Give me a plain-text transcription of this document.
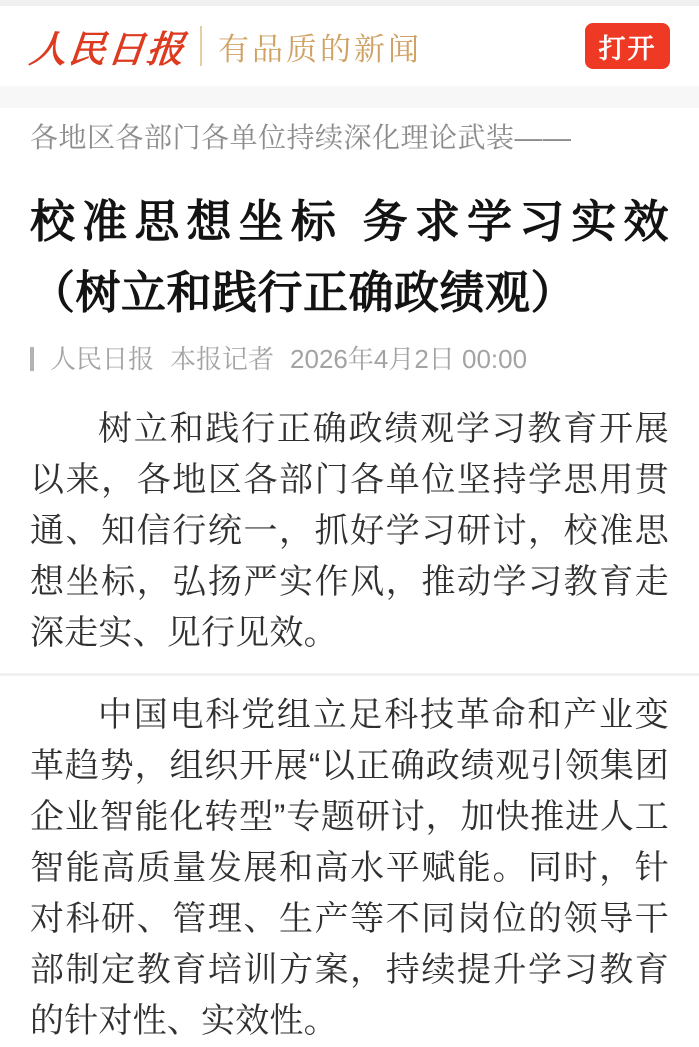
人民日报 有品质的新闻	打开
各地区各部门各单位持续深化理论武装——
校准思想坐标 务求学习实效（树立和践行正确政绩观）
人民日报 本报记者 2026年4月2日 00:00

树立和践行正确政绩观学习教育开展以来，各地区各部门各单位坚持学思用贯通、知信行统一，抓好学习研讨，校准思想坐标，弘扬严实作风，推动学习教育走深走实、见行见效。

中国电科党组立足科技革命和产业变革趋势，组织开展“以正确政绩观引领集团企业智能化转型”专题研讨，加快推进人工智能高质量发展和高水平赋能。同时，针对科研、管理、生产等不同岗位的领导干部制定教育培训方案，持续提升学习教育的针对性、实效性。
